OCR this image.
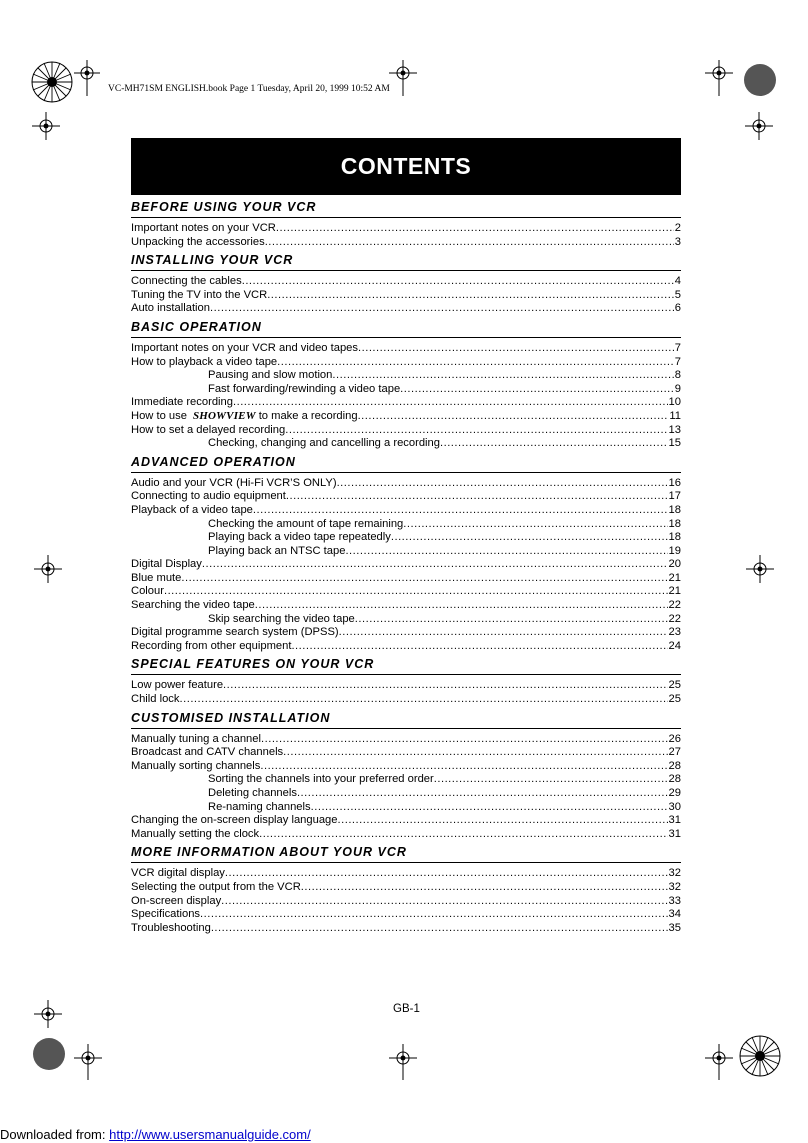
VC-MH71SM ENGLISH.book Page 1 Tuesday, April 20, 1999 10:52 AM
CONTENTS
BEFORE USING YOUR VCR
Important notes on your VCR .....	2
Unpacking the accessories .....	3
INSTALLING YOUR VCR
Connecting the cables .....	4
Tuning the TV into the VCR .....	5
Auto installation .....	6
BASIC OPERATION
Important notes on your VCR and video tapes .....	7
How to playback a video tape .....	7
Pausing and slow motion .....	8
Fast forwarding/rewinding a video tape .....	9
Immediate recording .....	10
How to use SHOWVIEW to make a recording .....	11
How to set a delayed recording .....	13
Checking, changing and cancelling a recording .....	15
ADVANCED OPERATION
Audio and your VCR (Hi-Fi VCR’S ONLY) .....	16
Connecting to audio equipment .....	17
Playback of a video tape .....	18
Checking the amount of tape remaining .....	18
Playing back a video tape repeatedly .....	18
Playing back an NTSC tape .....	19
Digital Display .....	20
Blue mute .....	21
Colour .....	21
Searching the video tape .....	22
Skip searching the video tape .....	22
Digital programme search system (DPSS) .....	23
Recording from other equipment .....	24
SPECIAL FEATURES ON YOUR VCR
Low power feature .....	25
Child lock .....	25
CUSTOMISED INSTALLATION
Manually tuning a channel .....	26
Broadcast and CATV channels .....	27
Manually sorting channels .....	28
Sorting the channels into your preferred order .....	28
Deleting channels .....	29
Re-naming channels .....	30
Changing the on-screen display language .....	31
Manually setting the clock .....	31
MORE INFORMATION ABOUT YOUR VCR
VCR digital display .....	32
Selecting the output from the VCR .....	32
On-screen display .....	33
Specifications .....	34
Troubleshooting .....	35
GB-1
Downloaded from: http://www.usersmanualguide.com/
